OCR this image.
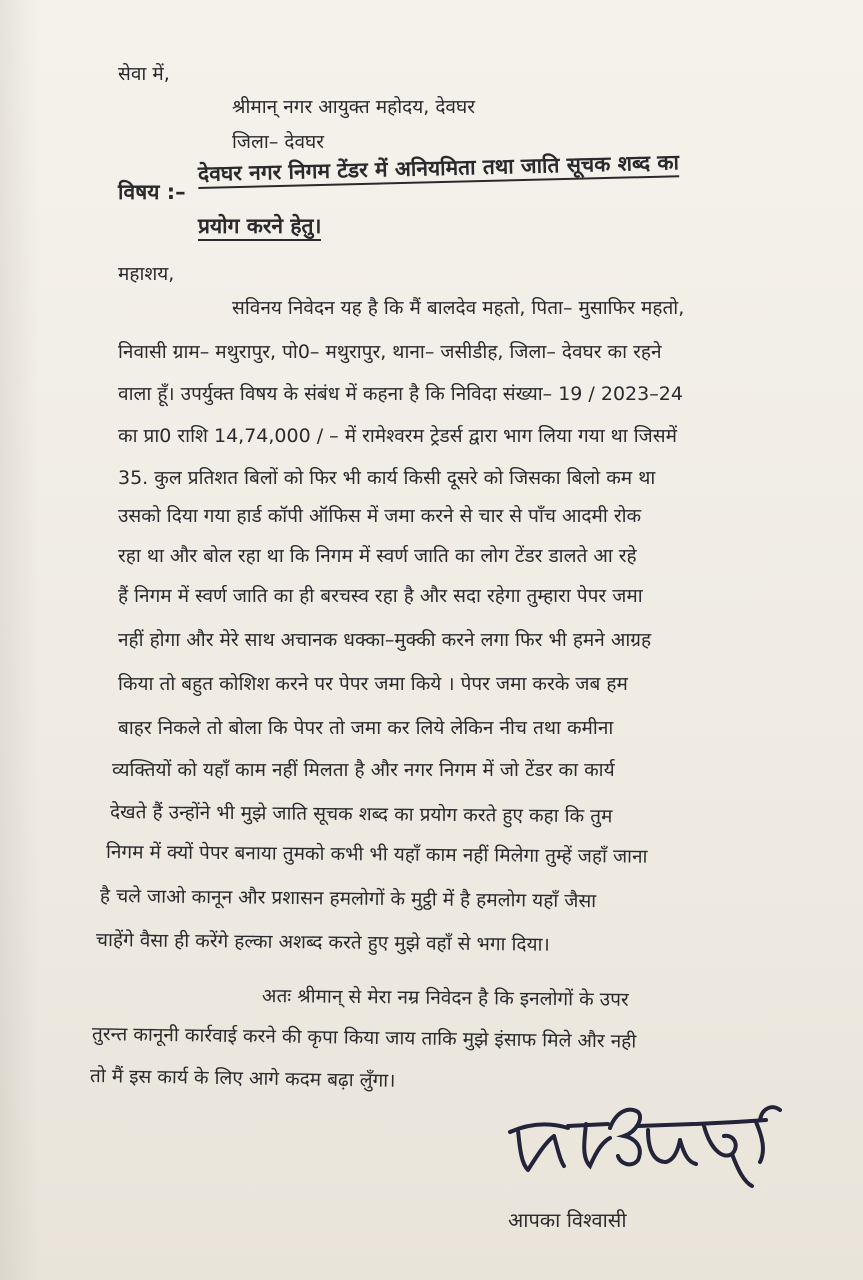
सेवा में,
श्रीमान् नगर आयुक्त महोदय, देवघर
जिला– देवघर
विषय :–
देवघर नगर निगम टेंडर में अनियमिता तथा जाति सूचक शब्द का
प्रयोग करने हेतु।
महाशय,
सविनय निवेदन यह है कि मैं बालदेव महतो, पिता– मुसाफिर महतो,
निवासी ग्राम– मथुरापुर, पो0– मथुरापुर, थाना– जसीडीह, जिला– देवघर का रहने
वाला हूँ। उपर्युक्त विषय के संबंध में कहना है कि निविदा संख्या– 19 / 2023–24
का प्रा0 राशि 14,74,000 / – में रामेश्वरम ट्रेडर्स द्वारा भाग लिया गया था जिसमें
35. कुल प्रतिशत बिलों को फिर भी कार्य किसी दूसरे को जिसका बिलो कम था
उसको दिया गया हार्ड कॉपी ऑफिस में जमा करने से चार से पाँच आदमी रोक
रहा था और बोल रहा था कि निगम में स्वर्ण जाति का लोग टेंडर डालते आ रहे
हैं निगम में स्वर्ण जाति का ही बरचस्व रहा है और सदा रहेगा तुम्हारा पेपर जमा
नहीं होगा और मेरे साथ अचानक धक्का–मुक्की करने लगा फिर भी हमने आग्रह
किया तो बहुत कोशिश करने पर पेपर जमा किये । पेपर जमा करके जब हम
बाहर निकले तो बोला कि पेपर तो जमा कर लिये लेकिन नीच तथा कमीना
व्यक्तियों को यहाँ काम नहीं मिलता है और नगर निगम में जो टेंडर का कार्य
देखते हैं उन्होंने भी मुझे जाति सूचक शब्द का प्रयोग करते हुए कहा कि तुम
निगम में क्यों पेपर बनाया तुमको कभी भी यहाँ काम नहीं मिलेगा तुम्हें जहाँ जाना
है चले जाओ कानून और प्रशासन हमलोगों के मुट्ठी में है हमलोग यहाँ जैसा
चाहेंगे वैसा ही करेंगे हल्का अशब्द करते हुए मुझे वहाँ से भगा दिया।
अतः श्रीमान् से मेरा नम्र निवेदन है कि इनलोगों के उपर
तुरन्त कानूनी कार्रवाई करने की कृपा किया जाय ताकि मुझे इंसाफ मिले और नही
तो मैं इस कार्य के लिए आगे कदम बढ़ा लुँगा।
आपका विश्वासी
